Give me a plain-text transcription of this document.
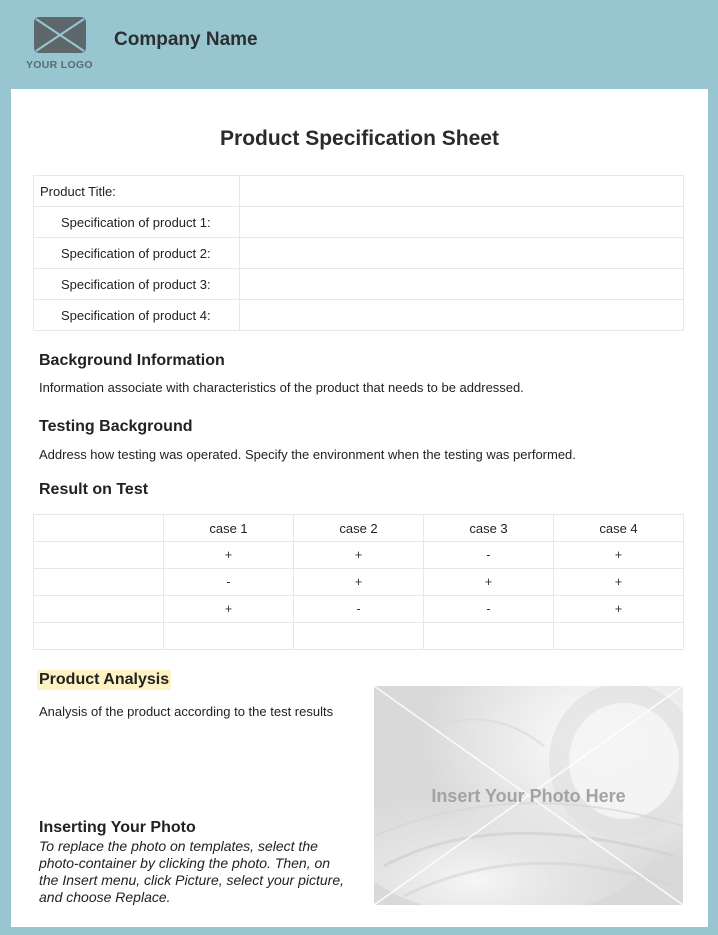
YOUR LOGO
Company Name
Product Specification Sheet
Product Title:	
Specification of product 1:	
Specification of product 2:	
Specification of product 3:	
Specification of product 4:	
Background Information
Information associate with characteristics of the product that needs to be addressed.
Testing Background
Address how testing was operated. Specify the environment when the testing was performed.
Result on Test
	case 1	case 2	case 3	case 4
	+	+	-	+
	-	+	+	+
	+	-	-	+

Product Analysis
Analysis of the product according to the test results
Insert Your Photo Here
Inserting Your Photo
To replace the photo on templates, select the photo-container by clicking the photo. Then, on the Insert menu, click Picture, select your picture, and choose Replace.
